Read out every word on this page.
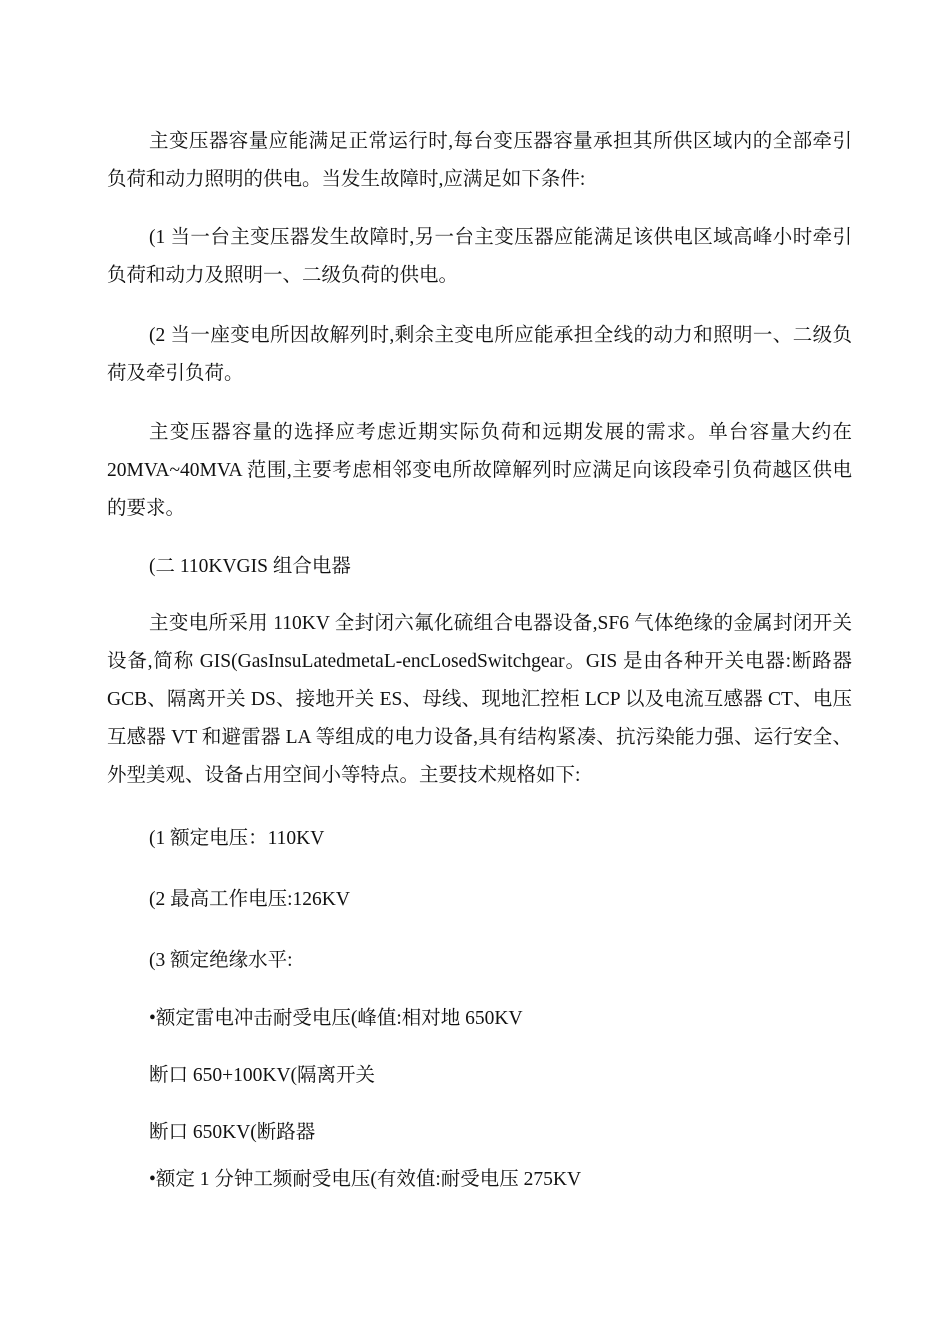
主变压器容量应能满足正常运行时,每台变压器容量承担其所供区域内的全部牵引负荷和动力照明的供电。当发生故障时,应满足如下条件:

(1 当一台主变压器发生故障时,另一台主变压器应能满足该供电区域高峰小时牵引负荷和动力及照明一、二级负荷的供电。

(2 当一座变电所因故解列时,剩余主变电所应能承担全线的动力和照明一、二级负荷及牵引负荷。

主变压器容量的选择应考虑近期实际负荷和远期发展的需求。单台容量大约在 20MVA~40MVA 范围,主要考虑相邻变电所故障解列时应满足向该段牵引负荷越区供电的要求。

(二 110KVGIS 组合电器

主变电所采用 110KV 全封闭六氟化硫组合电器设备,SF6 气体绝缘的金属封闭开关设备,简称 GIS(GasInsuLatedmetaL-encLosedSwitchgear。GIS 是由各种开关电器:断路器 GCB、隔离开关 DS、接地开关 ES、母线、现地汇控柜 LCP 以及电流互感器 CT、电压互感器 VT 和避雷器 LA 等组成的电力设备,具有结构紧凑、抗污染能力强、运行安全、外型美观、设备占用空间小等特点。主要技术规格如下:

(1 额定电压：110KV

(2 最高工作电压:126KV

(3 额定绝缘水平:

•额定雷电冲击耐受电压(峰值:相对地 650KV

断口 650+100KV(隔离开关

断口 650KV(断路器

•额定 1 分钟工频耐受电压(有效值:耐受电压 275KV
